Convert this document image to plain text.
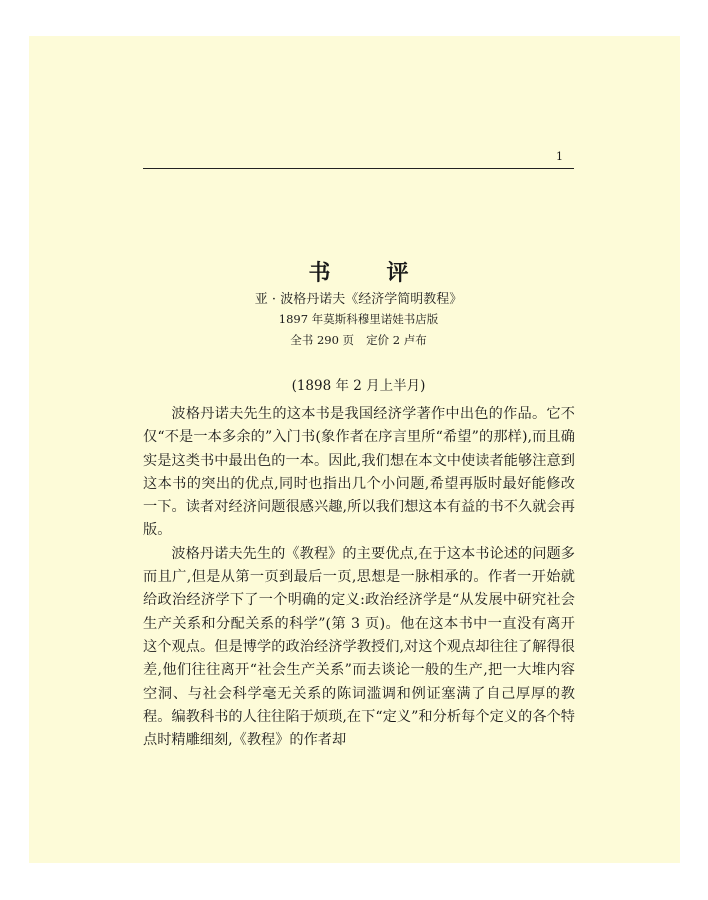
1
书评
亚 · 波格丹诺夫《经济学简明教程》
1897 年莫斯科穆里诺娃书店版
全书 290 页 定价 2 卢布
(1898 年 2 月上半月)

波格丹诺夫先生的这本书是我国经济学著作中出色的作品。它不仅“不是一本多余的”入门书(象作者在序言里所“希望”的那样),而且确实是这类书中最出色的一本。因此,我们想在本文中使读者能够注意到这本书的突出的优点,同时也指出几个小问题,希望再版时最好能修改一下。读者对经济问题很感兴趣,所以我们想这本有益的书不久就会再版。

波格丹诺夫先生的《教程》的主要优点,在于这本书论述的问题多而且广,但是从第一页到最后一页,思想是一脉相承的。作者一开始就给政治经济学下了一个明确的定义:政治经济学是“从发展中研究社会生产关系和分配关系的科学”(第 3 页)。他在这本书中一直没有离开这个观点。但是博学的政治经济学教授们,对这个观点却往往了解得很差,他们往往离开“社会生产关系”而去谈论一般的生产,把一大堆内容空洞、与社会科学毫无关系的陈词滥调和例证塞满了自己厚厚的教程。编教科书的人往往陷于烦琐,在下“定义”和分析每个定义的各个特点时精雕细刻,《教程》的作者却
